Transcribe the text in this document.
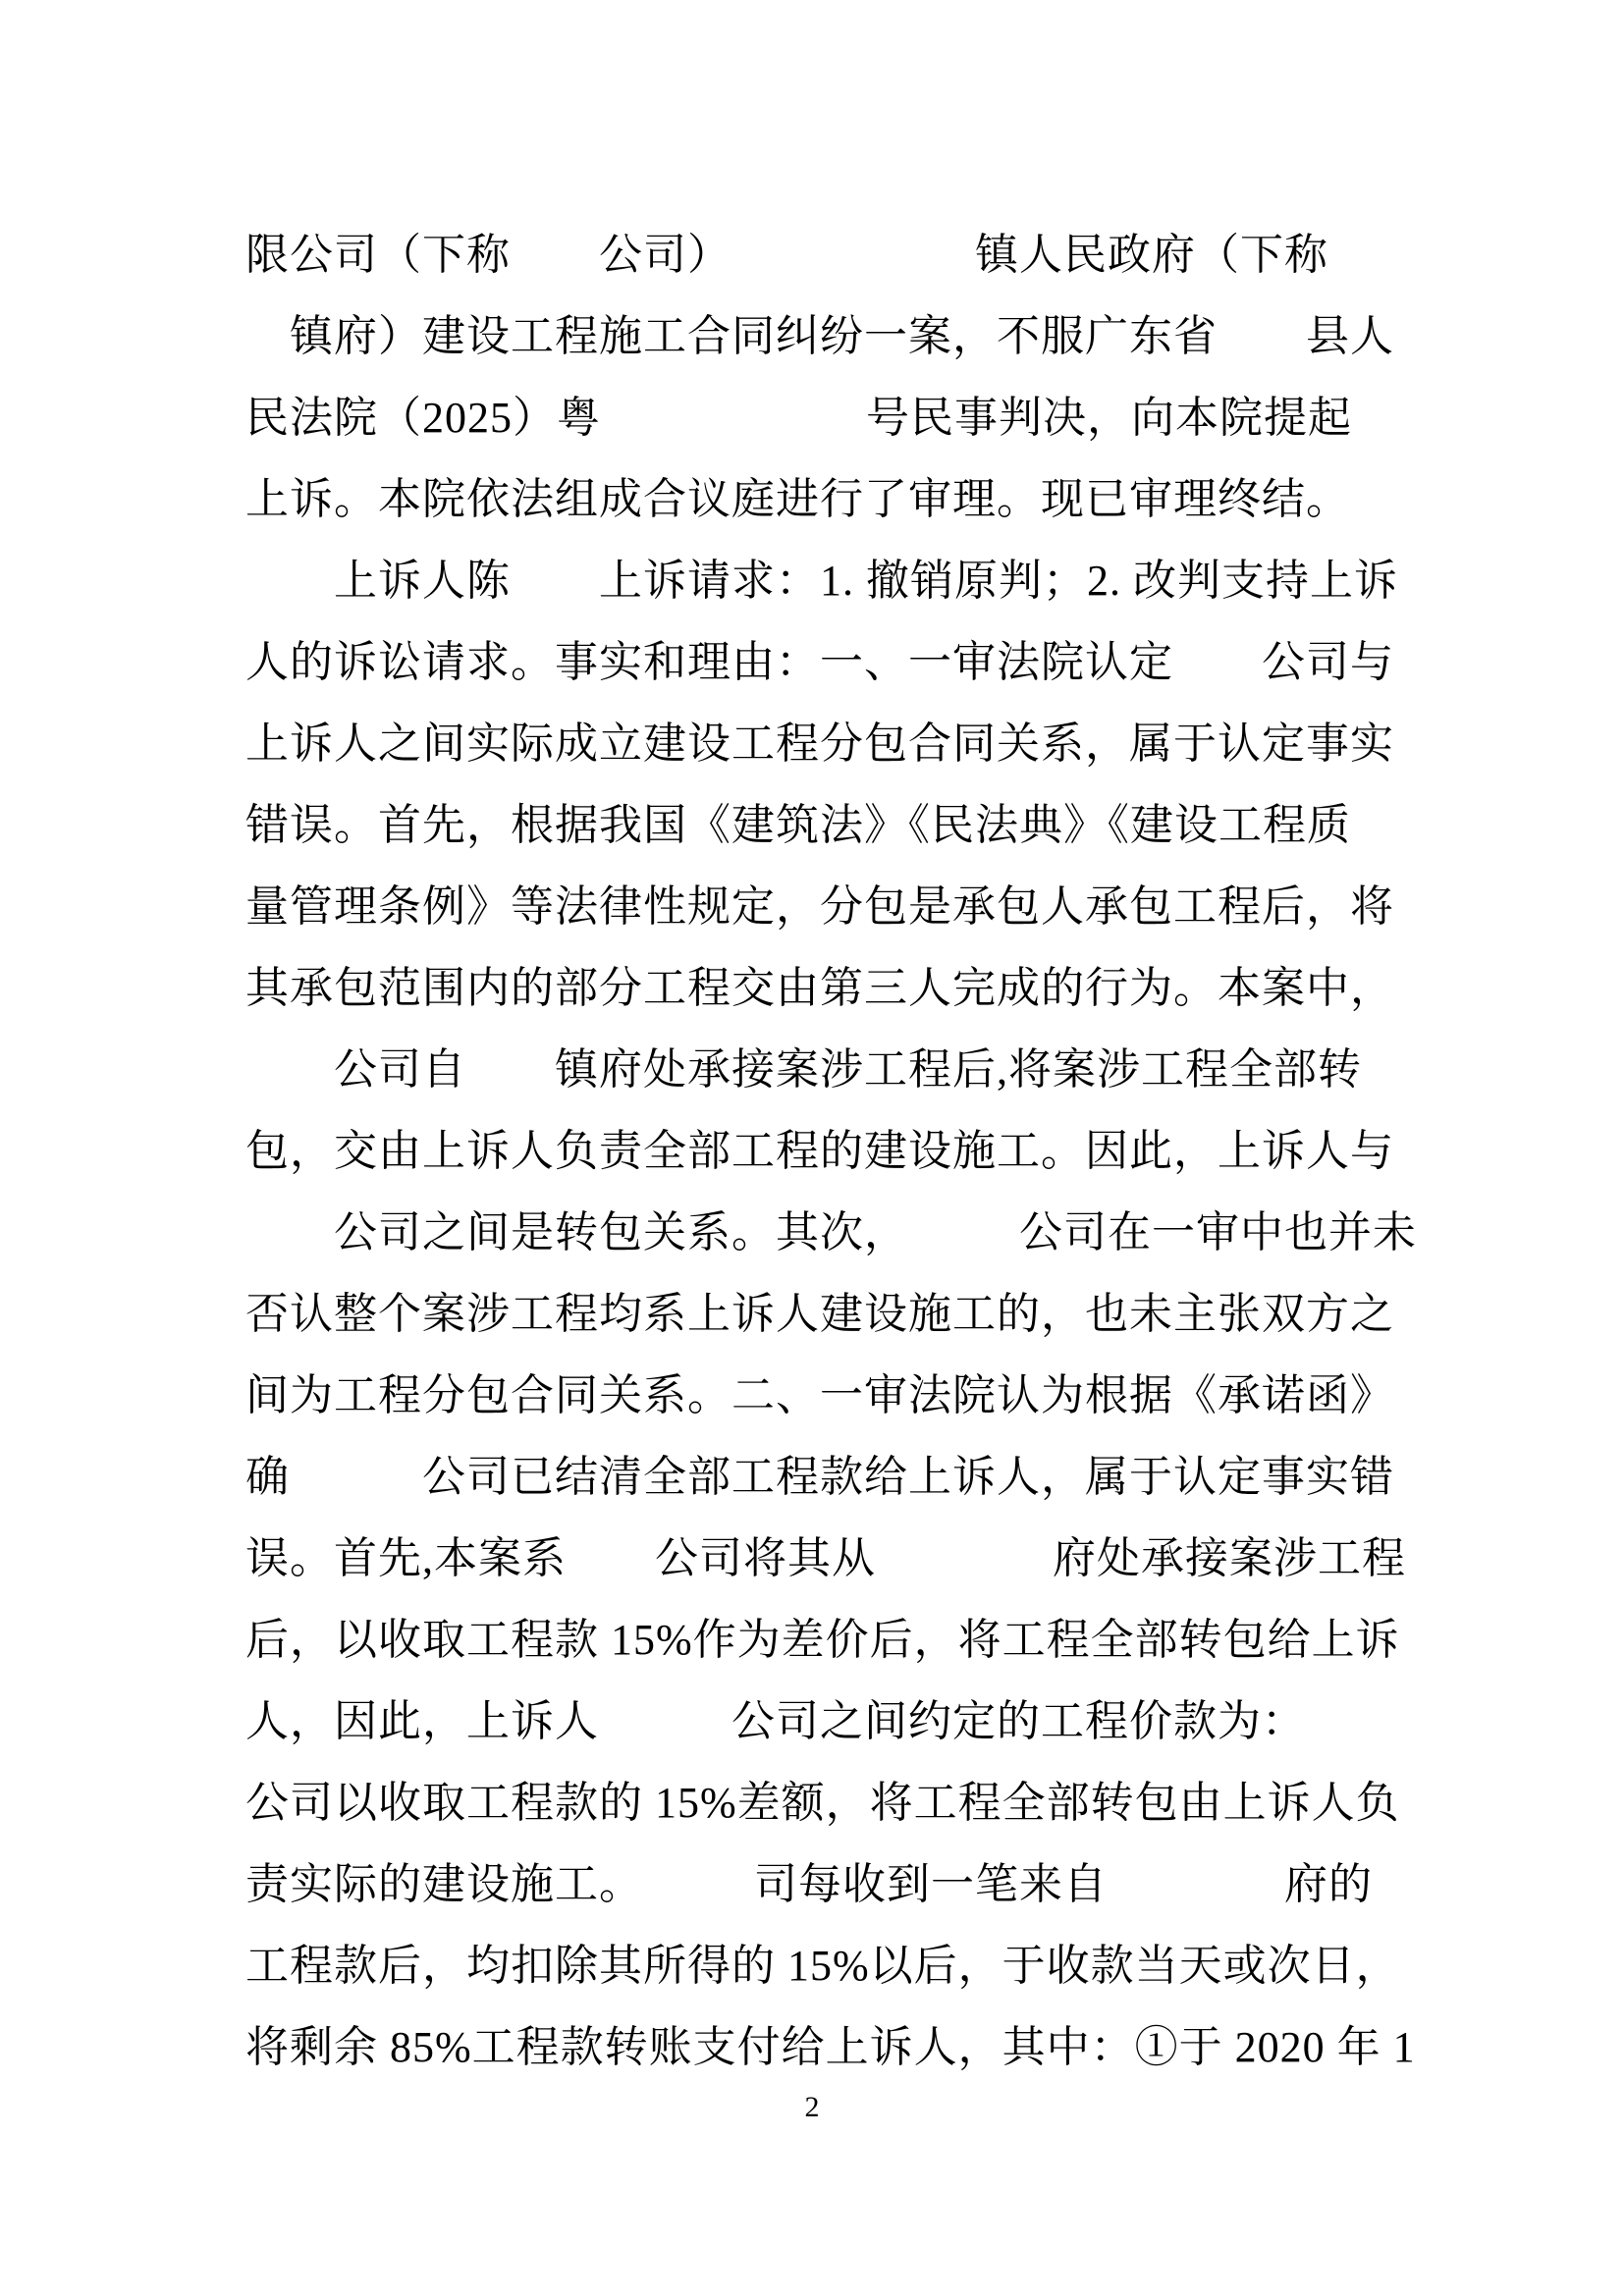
限公司（下称　　公司）　　　　　　镇人民政府（下称
　镇府）建设工程施工合同纠纷一案，不服广东省　　县人
民法院（2025）粤　　　　　　号民事判决，向本院提起
上诉。本院依法组成合议庭进行了审理。现已审理终结。
　　上诉人陈　　上诉请求：1. 撤销原判；2. 改判支持上诉
人的诉讼请求。事实和理由：一、一审法院认定　　公司与
上诉人之间实际成立建设工程分包合同关系，属于认定事实
错误。首先，根据我国《建筑法》《民法典》《建设工程质
量管理条例》等法律性规定，分包是承包人承包工程后，将
其承包范围内的部分工程交由第三人完成的行为。本案中，
　　公司自　　镇府处承接案涉工程后,将案涉工程全部转
包，交由上诉人负责全部工程的建设施工。因此，上诉人与
　　公司之间是转包关系。其次，　　　公司在一审中也并未
否认整个案涉工程均系上诉人建设施工的，也未主张双方之
间为工程分包合同关系。二、一审法院认为根据《承诺函》
确　　　公司已结清全部工程款给上诉人，属于认定事实错
误。首先,本案系　　公司将其从　　　　府处承接案涉工程
后，以收取工程款 15%作为差价后，将工程全部转包给上诉
人，因此，上诉人　　　公司之间约定的工程价款为：
公司以收取工程款的 15%差额，将工程全部转包由上诉人负
责实际的建设施工。　　　司每收到一笔来自　　　　府的
工程款后，均扣除其所得的 15%以后，于收款当天或次日，
将剩余 85%工程款转账支付给上诉人，其中：①于 2020 年 1
2
